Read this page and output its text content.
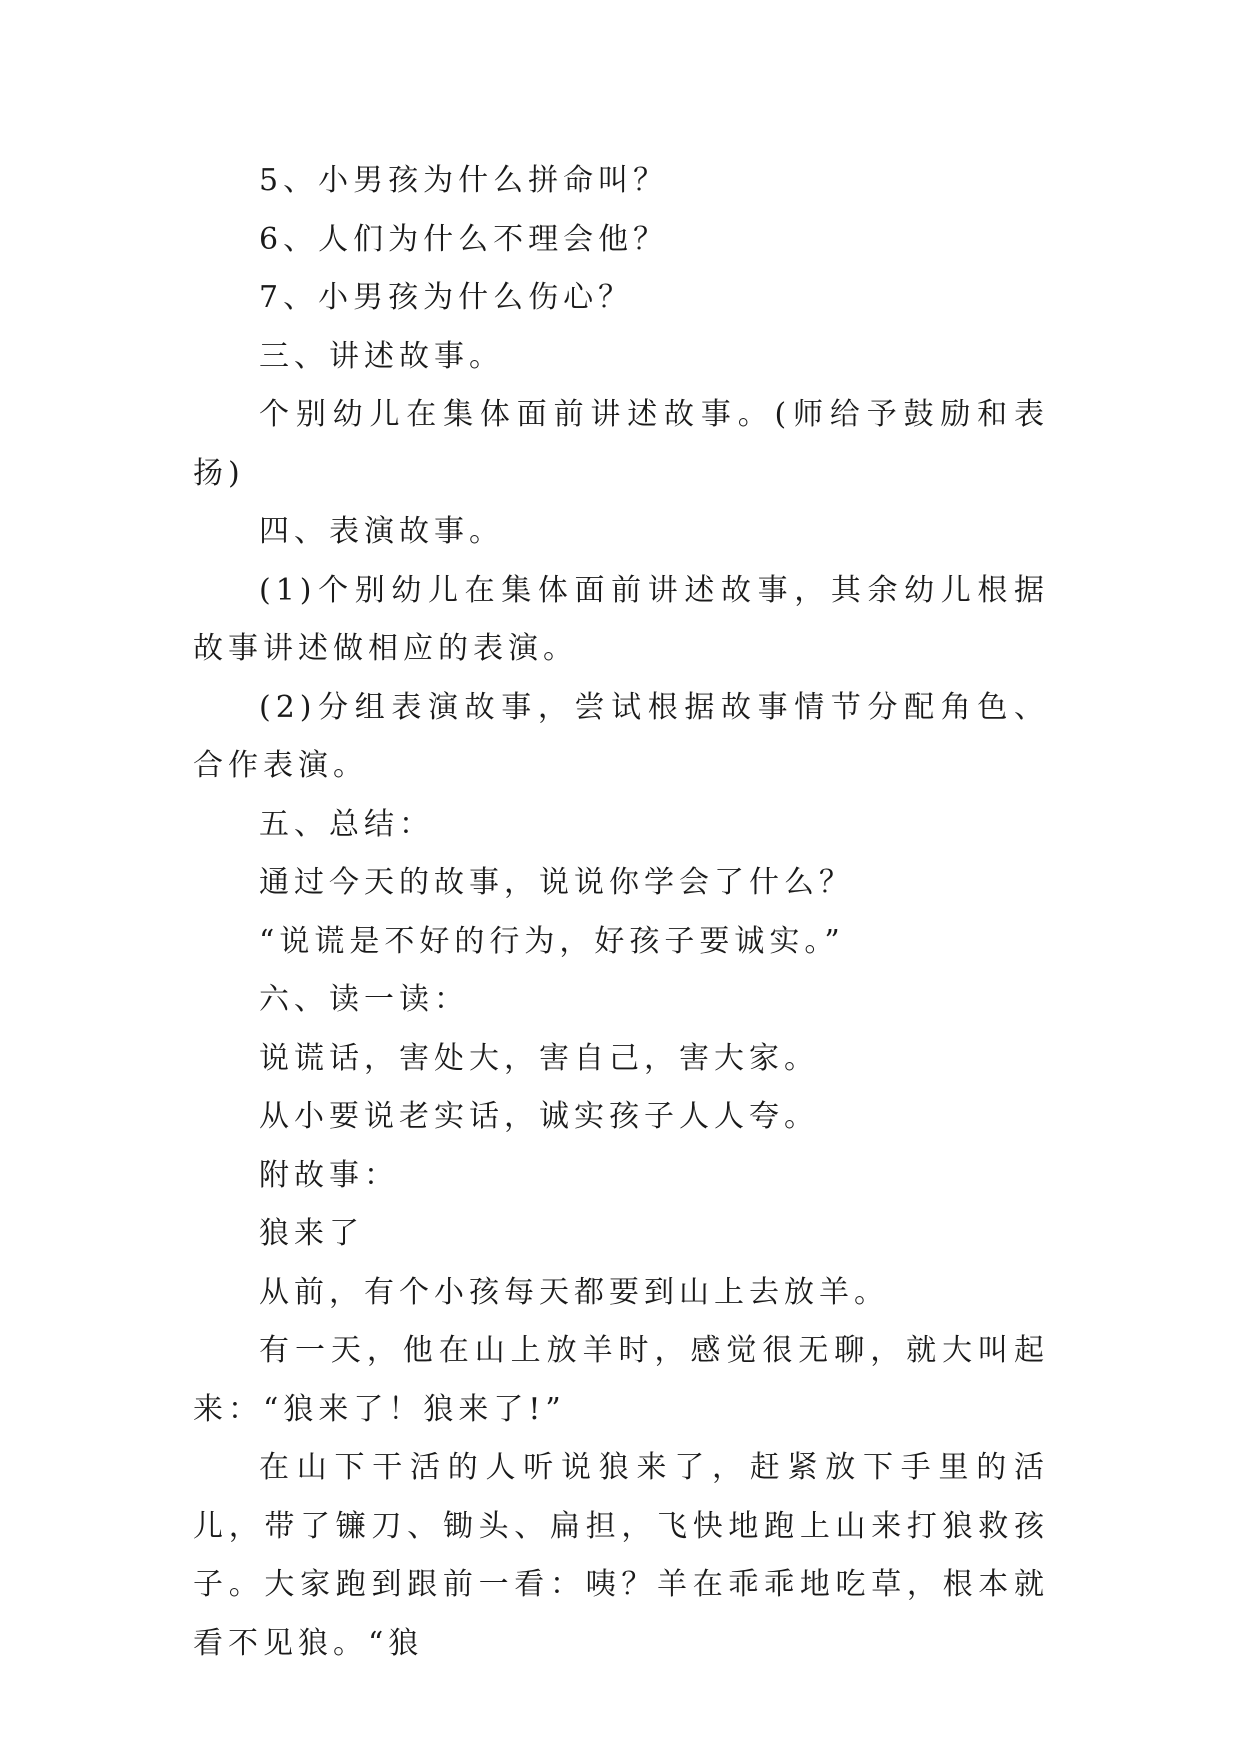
5、小男孩为什么拼命叫？

6、人们为什么不理会他？

7、小男孩为什么伤心？

三、讲述故事。

个别幼儿在集体面前讲述故事。(师给予鼓励和表扬)

四、表演故事。

(1)个别幼儿在集体面前讲述故事，其余幼儿根据故事讲述做相应的表演。

(2)分组表演故事，尝试根据故事情节分配角色、合作表演。

五、总结：

通过今天的故事，说说你学会了什么？

“说谎是不好的行为，好孩子要诚实。”

六、读一读：

说谎话，害处大，害自己，害大家。

从小要说老实话，诚实孩子人人夸。

附故事：

狼来了

从前，有个小孩每天都要到山上去放羊。

有一天，他在山上放羊时，感觉很无聊，就大叫起来：“狼来了！狼来了!”

在山下干活的人听说狼来了，赶紧放下手里的活儿，带了镰刀、锄头、扁担，飞快地跑上山来打狼救孩子。大家跑到跟前一看：咦？羊在乖乖地吃草，根本就看不见狼。“狼
